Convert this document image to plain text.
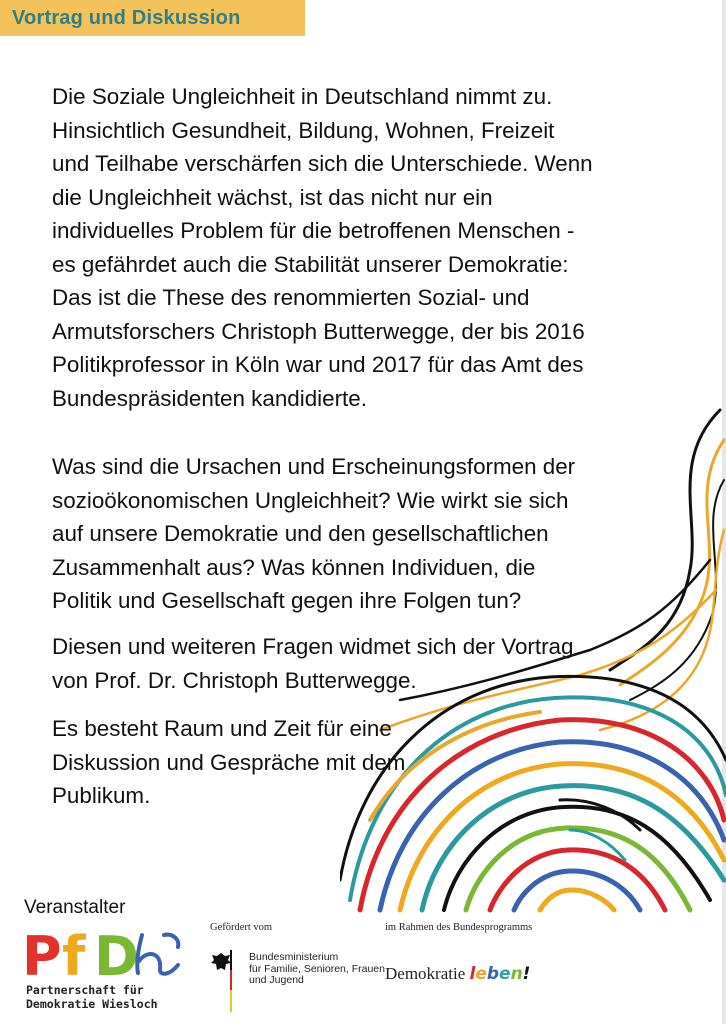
Vortrag und Diskussion

Die Soziale Ungleichheit in Deutschland nimmt zu.
Hinsichtlich Gesundheit, Bildung, Wohnen, Freizeit
und Teilhabe verschärfen sich die Unterschiede. Wenn
die Ungleichheit wächst, ist das nicht nur ein
individuelles Problem für die betroffenen Menschen -
es gefährdet auch die Stabilität unserer Demokratie:
Das ist die These des renommierten Sozial- und
Armutsforschers Christoph Butterwegge, der bis 2016
Politikprofessor in Köln war und 2017 für das Amt des
Bundespräsidenten kandidierte.

Was sind die Ursachen und Erscheinungsformen der
sozioökonomischen Ungleichheit? Wie wirkt sie sich
auf unsere Demokratie und den gesellschaftlichen
Zusammenhalt aus? Was können Individuen, die
Politik und Gesellschaft gegen ihre Folgen tun?

Diesen und weiteren Fragen widmet sich der Vortrag
von Prof. Dr. Christoph Butterwegge.

Es besteht Raum und Zeit für eine
Diskussion und Gespräche mit dem
Publikum.

Veranstalter
P f D
Partnerschaft für
Demokratie Wiesloch
Gefördert vom
Bundesministerium
für Familie, Senioren, Frauen
und Jugend
im Rahmen des Bundesprogramms
Demokratie leben!
